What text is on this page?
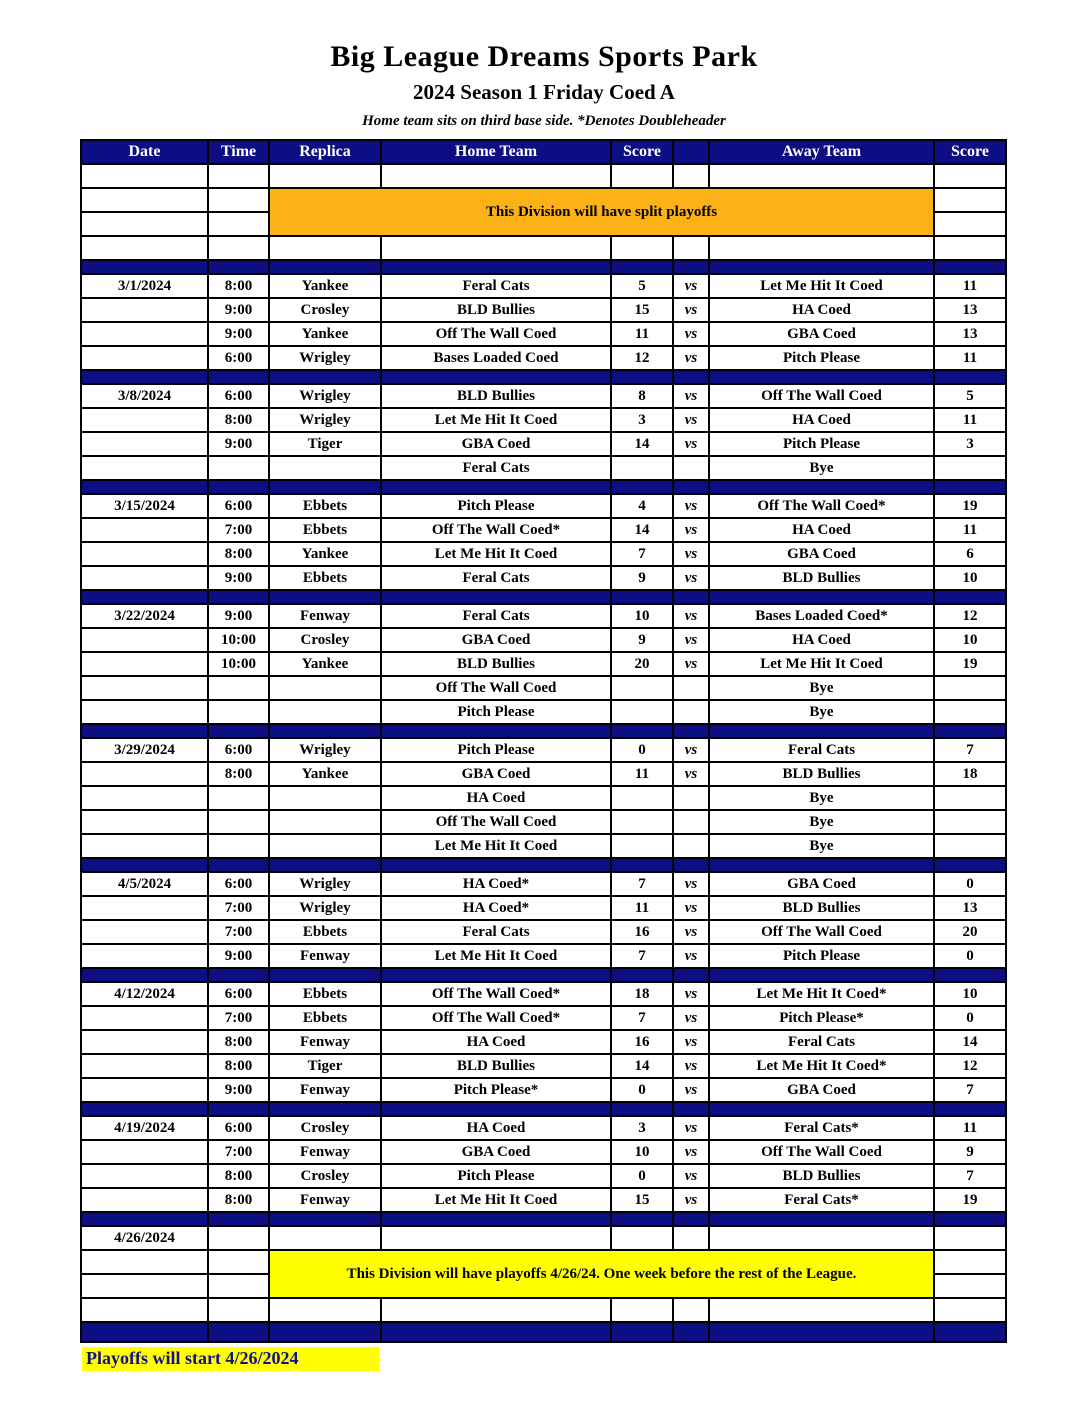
Big League Dreams Sports Park
2024 Season 1 Friday Coed A
Home team sits on third base side. *Denotes Doubleheader
Date	Time	Replica	Home Team	Score		Away Team	Score

		This Division will have split playoffs					

3/1/2024	8:00	Yankee	Feral Cats	5	vs	Let Me Hit It Coed	11
	9:00	Crosley	BLD Bullies	15	vs	HA Coed	13
	9:00	Yankee	Off The Wall Coed	11	vs	GBA Coed	13
	6:00	Wrigley	Bases Loaded Coed	12	vs	Pitch Please	11

3/8/2024	6:00	Wrigley	BLD Bullies	8	vs	Off The Wall Coed	5
	8:00	Wrigley	Let Me Hit It Coed	3	vs	HA Coed	11
	9:00	Tiger	GBA Coed	14	vs	Pitch Please	3
			Feral Cats			Bye	

3/15/2024	6:00	Ebbets	Pitch Please	4	vs	Off The Wall Coed*	19
	7:00	Ebbets	Off The Wall Coed*	14	vs	HA Coed	11
	8:00	Yankee	Let Me Hit It Coed	7	vs	GBA Coed	6
	9:00	Ebbets	Feral Cats	9	vs	BLD Bullies	10

3/22/2024	9:00	Fenway	Feral Cats	10	vs	Bases Loaded Coed*	12
	10:00	Crosley	GBA Coed	9	vs	HA Coed	10
	10:00	Yankee	BLD Bullies	20	vs	Let Me Hit It Coed	19
			Off The Wall Coed			Bye	
			Pitch Please			Bye	

3/29/2024	6:00	Wrigley	Pitch Please	0	vs	Feral Cats	7
	8:00	Yankee	GBA Coed	11	vs	BLD Bullies	18
			HA Coed			Bye	
			Off The Wall Coed			Bye	
			Let Me Hit It Coed			Bye	

4/5/2024	6:00	Wrigley	HA Coed*	7	vs	GBA Coed	0
	7:00	Wrigley	HA Coed*	11	vs	BLD Bullies	13
	7:00	Ebbets	Feral Cats	16	vs	Off The Wall Coed	20
	9:00	Fenway	Let Me Hit It Coed	7	vs	Pitch Please	0

4/12/2024	6:00	Ebbets	Off The Wall Coed*	18	vs	Let Me Hit It Coed*	10
	7:00	Ebbets	Off The Wall Coed*	7	vs	Pitch Please*	0
	8:00	Fenway	HA Coed	16	vs	Feral Cats	14
	8:00	Tiger	BLD Bullies	14	vs	Let Me Hit It Coed*	12
	9:00	Fenway	Pitch Please*	0	vs	GBA Coed	7

4/19/2024	6:00	Crosley	HA Coed	3	vs	Feral Cats*	11
	7:00	Fenway	GBA Coed	10	vs	Off The Wall Coed	9
	8:00	Crosley	Pitch Please	0	vs	BLD Bullies	7
	8:00	Fenway	Let Me Hit It Coed	15	vs	Feral Cats*	19

4/26/2024							
		This Division will have playoffs 4/26/24. One week before the rest of the League.					

Playoffs will start 4/26/2024
